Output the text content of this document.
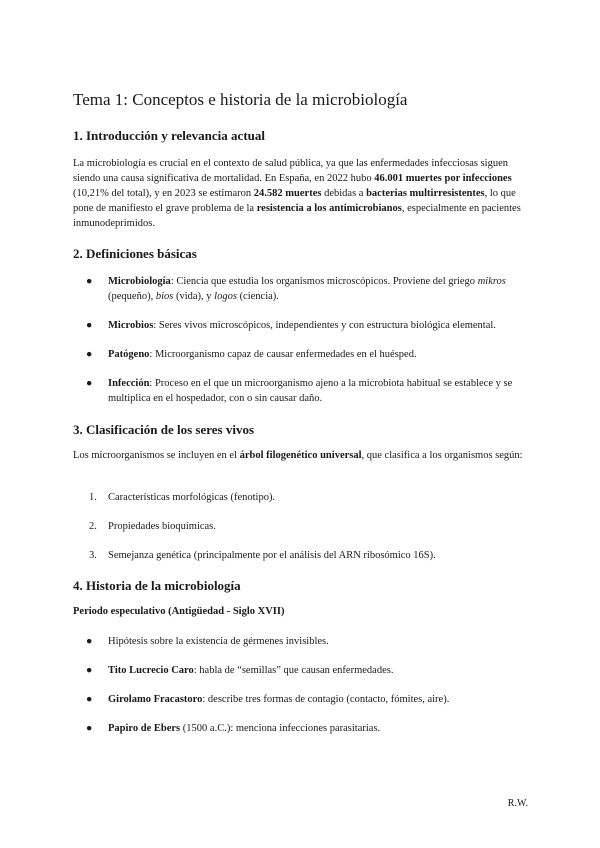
Tema 1: Conceptos e historia de la microbiología
1. Introducción y relevancia actual

La microbiología es crucial en el contexto de salud pública, ya que las enfermedades infecciosas siguen siendo una causa significativa de mortalidad. En España, en 2022 hubo 46.001 muertes por infecciones (10,21% del total), y en 2023 se estimaron 24.582 muertes debidas a bacterias multirresistentes, lo que pone de manifiesto el grave problema de la resistencia a los antimicrobianos, especialmente en pacientes inmunodeprimidos.

2. Definiciones básicas
●	Microbiología: Ciencia que estudia los organismos microscópicos. Proviene del griego mikros (pequeño), bios (vida), y logos (ciencia).
●	Microbios: Seres vivos microscópicos, independientes y con estructura biológica elemental.
●	Patógeno: Microorganismo capaz de causar enfermedades en el huésped.
●	Infección: Proceso en el que un microorganismo ajeno a la microbiota habitual se establece y se multiplica en el hospedador, con o sin causar daño.
3. Clasificación de los seres vivos

Los microorganismos se incluyen en el árbol filogenético universal, que clasifica a los organismos según:

1. Características morfológicas (fenotipo).
2. Propiedades bioquímicas.
3. Semejanza genética (principalmente por el análisis del ARN ribosómico 16S).
4. Historia de la microbiología
Periodo especulativo (Antigüedad - Siglo XVII)
●	Hipótesis sobre la existencia de gérmenes invisibles.
●	Tito Lucrecio Caro: habla de “semillas” que causan enfermedades.
●	Girolamo Fracastoro: describe tres formas de contagio (contacto, fómites, aire).
●	Papiro de Ebers (1500 a.C.): menciona infecciones parasitarias.
R.W.
